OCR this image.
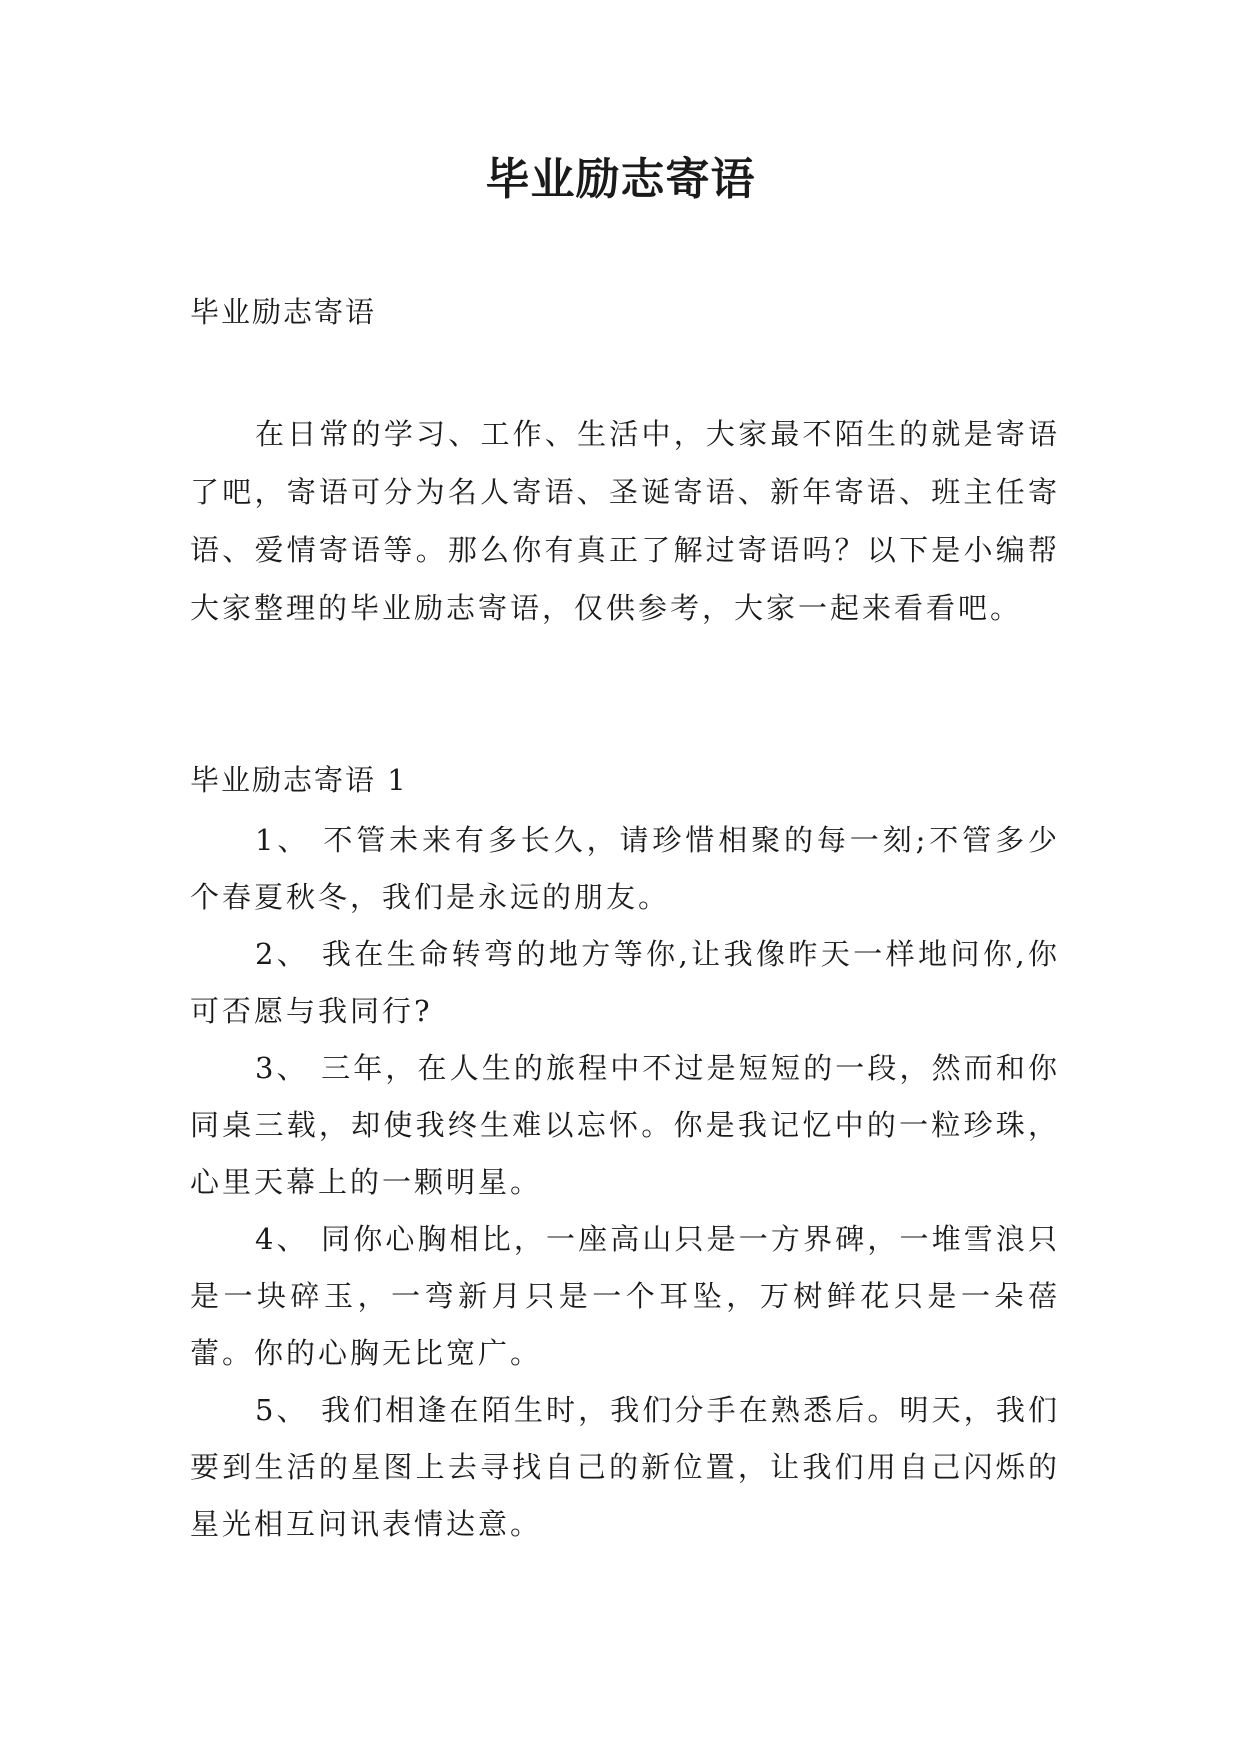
毕业励志寄语

毕业励志寄语

在日常的学习、工作、生活中，大家最不陌生的就是寄语了吧，寄语可分为名人寄语、圣诞寄语、新年寄语、班主任寄语、爱情寄语等。那么你有真正了解过寄语吗？以下是小编帮大家整理的毕业励志寄语，仅供参考，大家一起来看看吧。

毕业励志寄语 1

1、 不管未来有多长久，请珍惜相聚的每一刻;不管多少个春夏秋冬，我们是永远的朋友。

2、 我在生命转弯的地方等你,让我像昨天一样地问你,你可否愿与我同行?

3、 三年，在人生的旅程中不过是短短的一段，然而和你同桌三载，却使我终生难以忘怀。你是我记忆中的一粒珍珠，心里天幕上的一颗明星。

4、 同你心胸相比，一座高山只是一方界碑，一堆雪浪只是一块碎玉，一弯新月只是一个耳坠，万树鲜花只是一朵蓓蕾。你的心胸无比宽广。

5、 我们相逢在陌生时，我们分手在熟悉后。明天，我们要到生活的星图上去寻找自己的新位置，让我们用自己闪烁的星光相互问讯表情达意。
